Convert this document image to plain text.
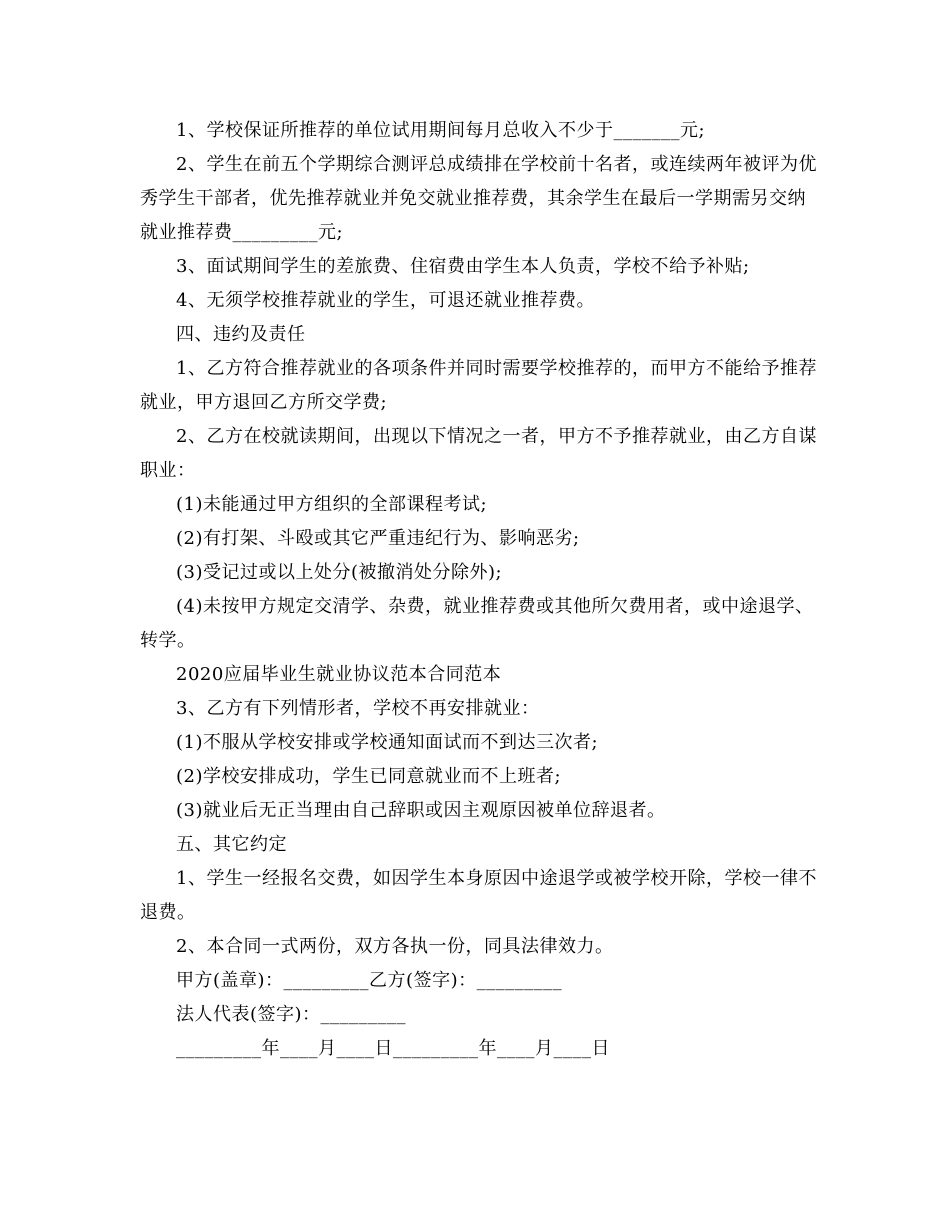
1、学校保证所推荐的单位试用期间每月总收入不少于_______元;

2、学生在前五个学期综合测评总成绩排在学校前十名者，或连续两年被评为优秀学生干部者，优先推荐就业并免交就业推荐费，其余学生在最后一学期需另交纳就业推荐费_________元;

3、面试期间学生的差旅费、住宿费由学生本人负责，学校不给予补贴;

4、无须学校推荐就业的学生，可退还就业推荐费。

四、违约及责任

1、乙方符合推荐就业的各项条件并同时需要学校推荐的，而甲方不能给予推荐就业，甲方退回乙方所交学费;

2、乙方在校就读期间，出现以下情况之一者，甲方不予推荐就业，由乙方自谋职业：

(1)未能通过甲方组织的全部课程考试;

(2)有打架、斗殴或其它严重违纪行为、影响恶劣;

(3)受记过或以上处分(被撤消处分除外);

(4)未按甲方规定交清学、杂费，就业推荐费或其他所欠费用者，或中途退学、转学。

2020应届毕业生就业协议范本合同范本

3、乙方有下列情形者，学校不再安排就业：

(1)不服从学校安排或学校通知面试而不到达三次者;

(2)学校安排成功，学生已同意就业而不上班者;

(3)就业后无正当理由自己辞职或因主观原因被单位辞退者。

五、其它约定

1、学生一经报名交费，如因学生本身原因中途退学或被学校开除，学校一律不退费。

2、本合同一式两份，双方各执一份，同具法律效力。

甲方(盖章)：_________乙方(签字)：_________

法人代表(签字)：_________

_________年____月____日_________年____月____日
